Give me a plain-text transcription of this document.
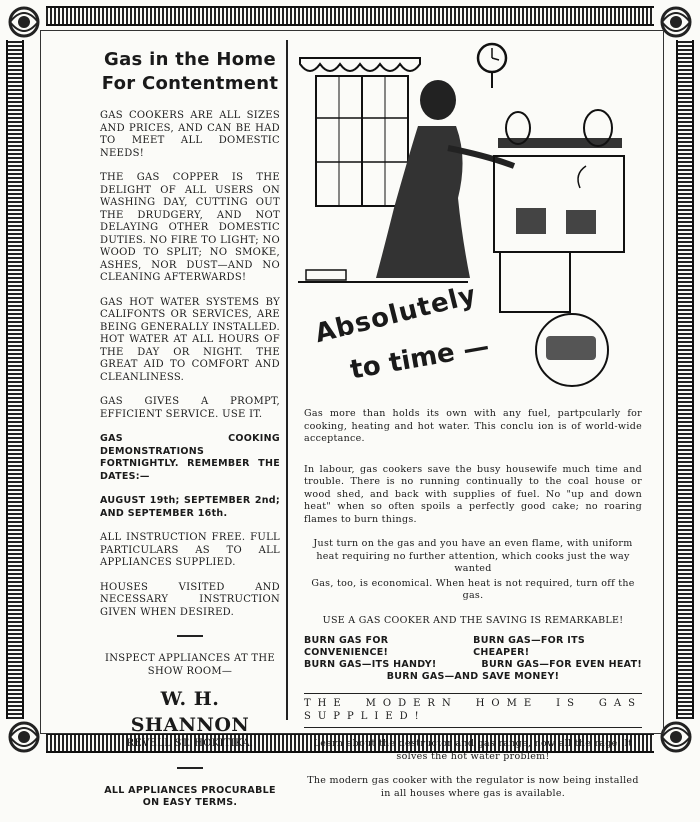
Gas in the Home
For Contentment

GAS COOKERS ARE ALL SIZES AND PRICES, AND CAN BE HAD TO MEET ALL DOMESTIC NEEDS!

THE GAS COPPER IS THE DELIGHT OF ALL USERS ON WASHING DAY, CUTTING OUT THE DRUDGERY, AND NOT DELAYING OTHER DOMESTIC DUTIES. NO FIRE TO LIGHT; NO WOOD TO SPLIT; NO SMOKE, ASHES, NOR DUST—AND NO CLEANING AFTERWARDS!

GAS HOT WATER SYSTEMS BY CALIFONTS OR SERVICES, ARE BEING GENERALLY INSTALLED. HOT WATER AT ALL HOURS OF THE DAY OR NIGHT. THE GREAT AID TO COMFORT AND CLEANLINESS.

GAS GIVES A PROMPT, EFFICIENT SERVICE. USE IT.

GAS COOKING DEMONSTRATIONS FORTNIGHTLY. REMEMBER THE DATES:—

AUGUST 19th; SEPTEMBER 2nd; AND SEPTEMBER 16th.

ALL INSTRUCTION FREE. FULL PARTICULARS AS TO ALL APPLIANCES SUPPLIED.

HOUSES VISITED AND NECESSARY INSTRUCTION GIVEN WHEN DESIRED.

INSPECT APPLIANCES AT THE SHOW ROOM—

W. H. SHANNON
REVELL ST. HOKITIKA.

ALL APPLIANCES PROCURABLE ON EASY TERMS.

Absolutely
to time —

Gas more than holds its own with any fuel, partpcularly for cooking, heating and hot water. This conclu ion is of world-wide acceptance.

In labour, gas cookers save the busy housewife much time and trouble. There is no running continually to the coal house or wood shed, and back with supplies of fuel. No "up and down heat" when so often spoils a perfectly good cake; no roaring flames to burn things.

Just turn on the gas and you have an even flame, with uniform heat requiring no further attention, which cooks just the way wanted

Gas, too, is economical. When heat is not required, turn off the gas.

USE A GAS COOKER AND THE SAVING IS REMARKABLE!

BURN GAS FOR CONVENIENCE!
BURN GAS—FOR ITS CHEAPER!
BURN GAS—ITS HANDY!	BURN GAS—FOR EVEN HEAT!
BURN GAS—AND SAVE MONEY!
THE MODERN HOME IS GAS SUPPLIED!

Learn about the destructor and gas range, now all the rage. It solves the hot water problem!

The modern gas cooker with the regulator is now being installed in all houses where gas is available.
